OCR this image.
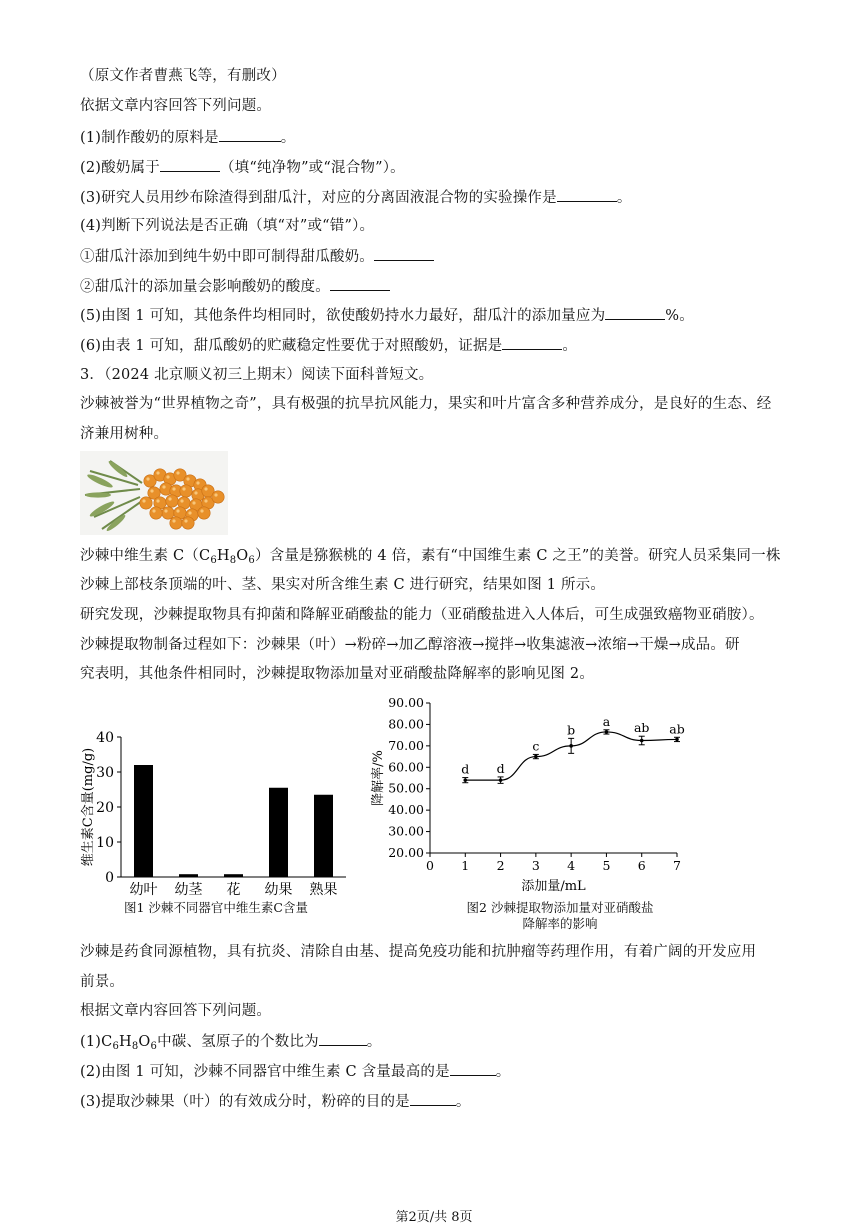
（原文作者曹燕飞等，有删改）
依据文章内容回答下列问题。
(1)制作酸奶的原料是	。
(2)酸奶属于	（填“纯净物”或“混合物”）。
(3)研究人员用纱布除渣得到甜瓜汁，对应的分离固液混合物的实验操作是	。
(4)判断下列说法是否正确（填“对”或“错”）。
①甜瓜汁添加到纯牛奶中即可制得甜瓜酸奶。
②甜瓜汁的添加量会影响酸奶的酸度。
(5)由图 1 可知，其他条件均相同时，欲使酸奶持水力最好，甜瓜汁的添加量应为	%。
(6)由表 1 可知，甜瓜酸奶的贮藏稳定性要优于对照酸奶，证据是	。
3．（2024 北京顺义初三上期末）阅读下面科普短文。
沙棘被誉为“世界植物之奇”，具有极强的抗旱抗风能力，果实和叶片富含多种营养成分，是良好的生态、经
济兼用树种。
沙棘中维生素 $C(C_6H_8O_6)$含量是猕猴桃的 4 倍，素有“中国维生素 C 之王”的美誉。研究人员采集同一株
沙棘上部枝条顶端的叶、茎、果实对所含维生素 C 进行研究，结果如图 1 所示。
研究发现，沙棘提取物具有抑菌和降解亚硝酸盐的能力（亚硝酸盐进入人体后，可生成强致癌物亚硝胺）。
沙棘提取物制备过程如下：沙棘果（叶）→粉碎→加乙醇溶液→搅拌→收集滤液→浓缩→干燥→成品。研
究表明，其他条件相同时，沙棘提取物添加量对亚硝酸盐降解率的影响见图 2。
0
10
20
30
40
维生素C含量(mg/g)
幼叶 幼茎 花 幼果 熟果
图1 沙棘不同器官中维生素C含量
20.00
30.00
40.00
50.00
60.00
70.00
80.00
90.00
0 1 2 3 4 5 6 7
添加量/mL
降解率/%	d d
c
b
a ab ab
图2 沙棘提取物添加量对亚硝酸盐
降解率的影响
沙棘是药食同源植物，具有抗炎、清除自由基、提高免疫功能和抗肿瘤等药理作用，有着广阔的开发应用
前景。
根据文章内容回答下列问题。
$(1)C_6H_8O_6$中碳、氢原子的个数比为	。
(2)由图 1 可知，沙棘不同器官中维生素 C 含量最高的是	。
(3)提取沙棘果（叶）的有效成分时，粉碎的目的是	。
第2页/共 8页
